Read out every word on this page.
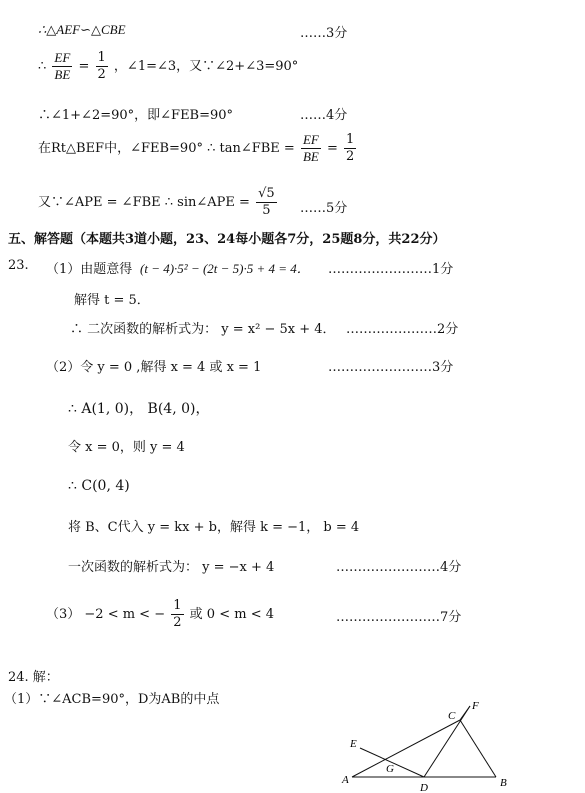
∴△AEF∽△CBE	……3分
∴ $\frac{EF}{BE} = \frac{1}{2}$ ，∠1=∠3，又∵∠2+∠3=90°
∴∠1+∠2=90°，即∠FEB=90°	……4分
在Rt△BEF中，∠FEB=90° ∴ tan∠FBE = $\frac{EF}{BE} = \frac{1}{2}$
又∵∠APE = ∠FBE ∴ sin∠APE = $\frac{√5}{5}$ ……5分
五、解答题（本题共3道小题，23、24每小题各7分，25题8分，共22分）
23. （1）由题意得 (t − 4)·5² − (2t − 5)·5 + 4 = 4． ……………………1分
解得 t = 5．
∴ 二次函数的解析式为： y = x² − 5x + 4． …………………2分
（2）令 y = 0 ,解得 x = 4 或 x = 1	……………………3分
∴ A(1, 0)， B(4, 0)，
令 x = 0，则 y = 4
∴ C(0, 4)
将 B、C代入 y = kx + b，解得 k = −1， b = 4
一次函数的解析式为： y = −x + 4	……………………4分
（3） −2 < m < − $\frac{1}{2}$ 或 0 < m < 4	……………………7分
24. 解：
（1）∵∠ACB=90°，D为AB的中点
A	B
C
D
E
F
G
